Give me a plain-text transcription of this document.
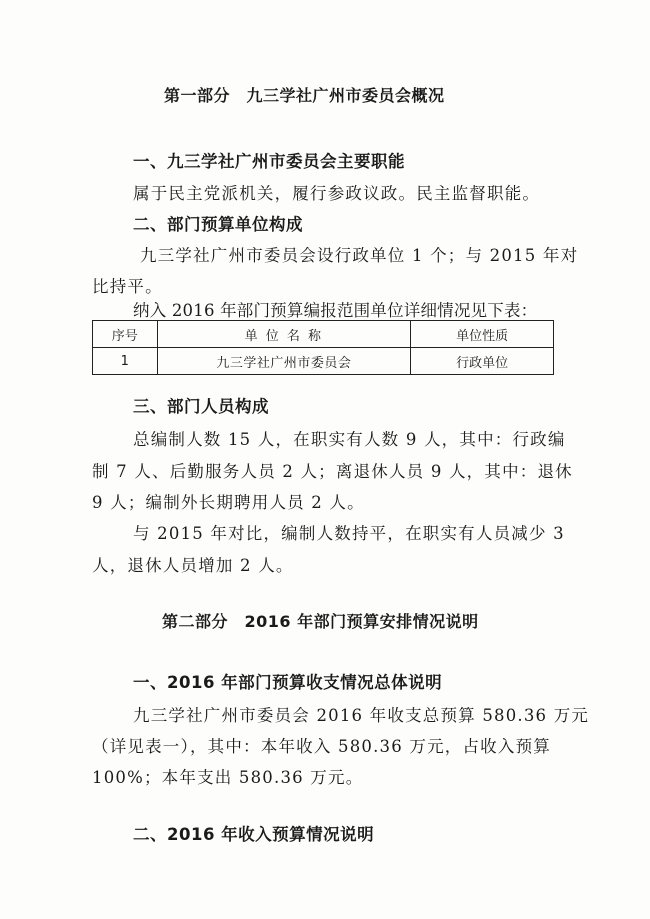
第一部分　九三学社广州市委员会概况
一、九三学社广州市委员会主要职能
属于民主党派机关，履行参政议政。民主监督职能。
二、部门预算单位构成
九三学社广州市委员会设行政单位 1 个；与 2015 年对
比持平。
纳入 2016 年部门预算编报范围单位详细情况见下表：
序号	单 位 名 称	单位性质
1	九三学社广州市委员会	行政单位
三、部门人员构成
总编制人数 15 人，在职实有人数 9 人，其中：行政编
制 7 人、后勤服务人员 2 人；离退休人员 9 人，其中：退休
9 人；编制外长期聘用人员 2 人。
与 2015 年对比，编制人数持平，在职实有人员减少 3
人，退休人员增加 2 人。
第二部分　2016 年部门预算安排情况说明
一、2016 年部门预算收支情况总体说明
九三学社广州市委员会 2016 年收支总预算 580.36 万元
（详见表一），其中：本年收入 580.36 万元，占收入预算
100%；本年支出 580.36 万元。
二、2016 年收入预算情况说明
